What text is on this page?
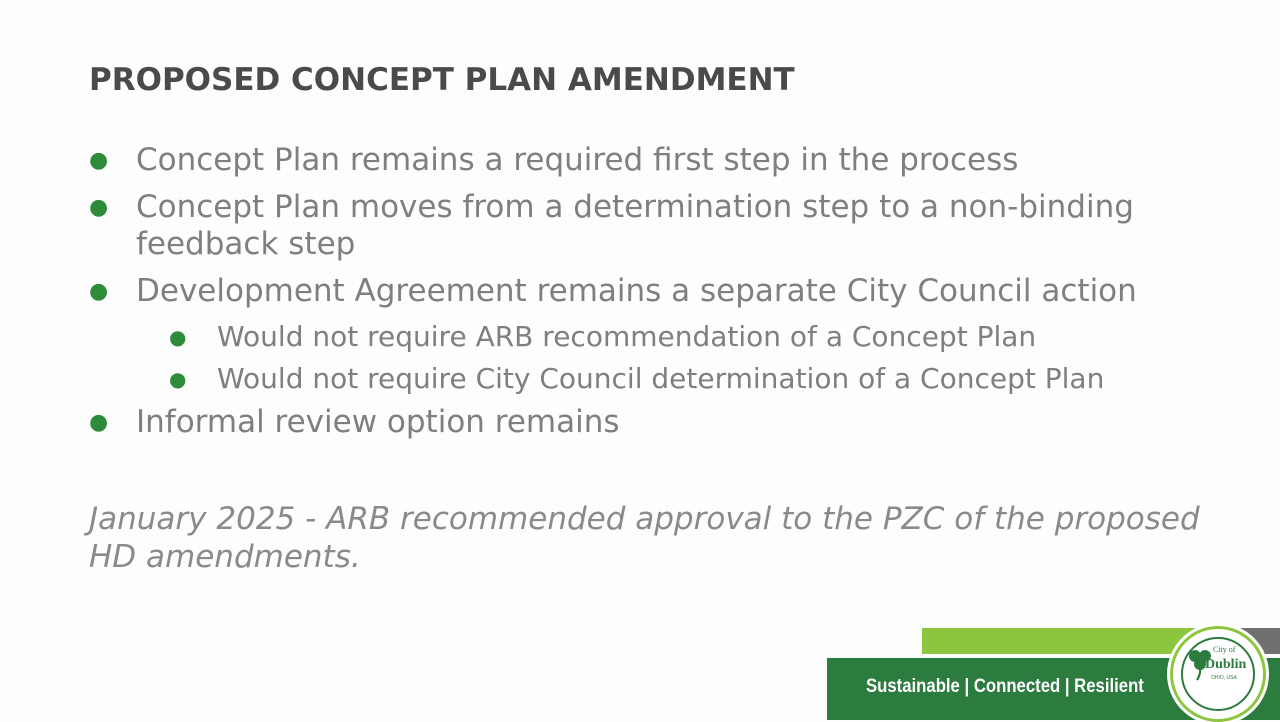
PROPOSED CONCEPT PLAN AMENDMENT
● Concept Plan remains a required first step in the process
● Concept Plan moves from a determination step to a non-binding feedback step
● Development Agreement remains a separate City Council action
● Would not require ARB recommendation of a Concept Plan
● Would not require City Council determination of a Concept Plan
● Informal review option remains
January 2025 - ARB recommended approval to the PZC of the proposed HD amendments.
Sustainable | Connected | Resilient
City of
Dublin
OHIO, USA
